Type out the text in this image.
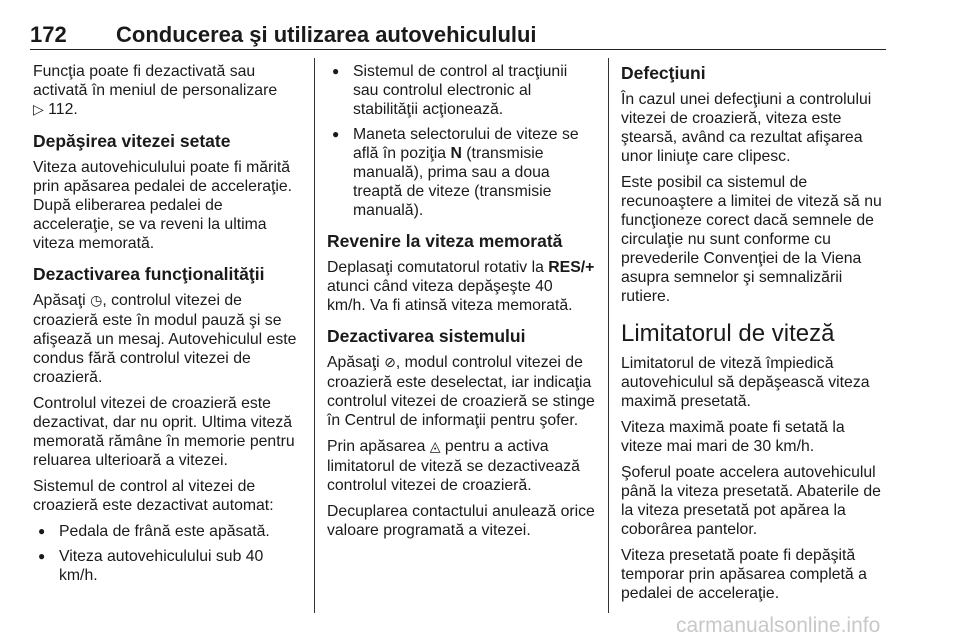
172 Conducerea şi utilizarea autovehiculului

Funcţia poate fi dezactivată sau activată în meniul de personalizare
▷ 112.

Depăşirea vitezei setate

Viteza autovehiculului poate fi mărită prin apăsarea pedalei de acceleraţie. După eliberarea pedalei de acceleraţie, se va reveni la ultima viteza memorată.

Dezactivarea funcţionalităţii

Apăsaţi ◷, controlul vitezei de croazieră este în modul pauză şi se afişează un mesaj. Autovehiculul este condus fără controlul vitezei de croazieră.

Controlul vitezei de croazieră este dezactivat, dar nu oprit. Ultima viteză memorată rămâne în memorie pentru reluarea ulterioară a vitezei.

Sistemul de control al vitezei de croazieră este dezactivat automat:

● Pedala de frână este apăsată.
● Viteza autovehiculului sub 40 km/h.
● Sistemul de control al tracţiunii sau controlul electronic al stabilităţii acţionează.
● Maneta selectorului de viteze se află în poziţia N (transmisie manuală), prima sau a doua treaptă de viteze (transmisie manuală).
Revenire la viteza memorată

Deplasaţi comutatorul rotativ la RES/+ atunci când viteza depăşeşte 40 km/h. Va fi atinsă viteza memorată.

Dezactivarea sistemului

Apăsaţi ⊘, modul controlul vitezei de croazieră este deselectat, iar indicaţia controlul vitezei de croazieră se stinge în Centrul de informaţii pentru şofer.

Prin apăsarea ◬ pentru a activa limitatorul de viteză se dezactivează controlul vitezei de croazieră.

Decuplarea contactului anulează orice valoare programată a vitezei.

Defecţiuni

În cazul unei defecţiuni a controlului vitezei de croazieră, viteza este ştearsă, având ca rezultat afişarea unor liniuţe care clipesc.

Este posibil ca sistemul de recunoaştere a limitei de viteză să nu funcţioneze corect dacă semnele de circulaţie nu sunt conforme cu prevederile Convenţiei de la Viena asupra semnelor şi semnalizării rutiere.

Limitatorul de viteză

Limitatorul de viteză împiedică autovehiculul să depăşească viteza maximă presetată.

Viteza maximă poate fi setată la viteze mai mari de 30 km/h.

Şoferul poate accelera autovehiculul până la viteza presetată. Abaterile de la viteza presetată pot apărea la coborârea pantelor.

Viteza presetată poate fi depăşită temporar prin apăsarea completă a pedalei de acceleraţie.

carmanualsonline.info
